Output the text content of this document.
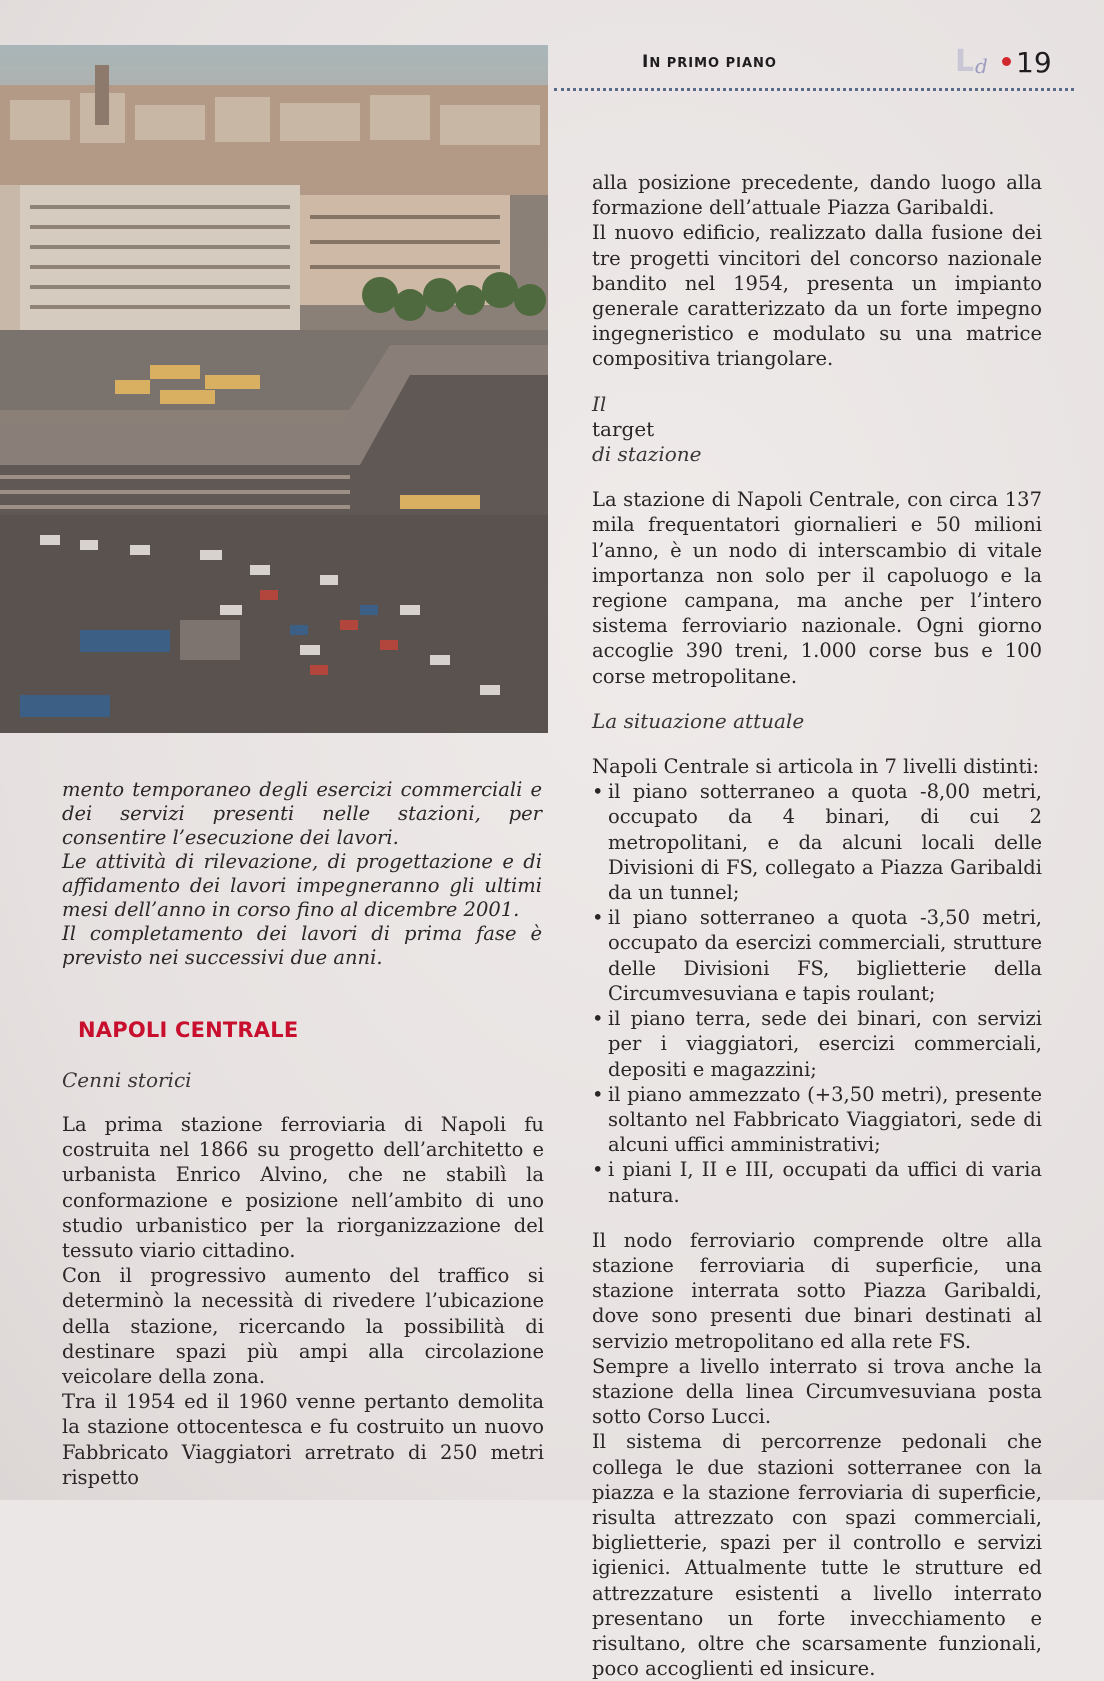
IN PRIMO PIANO	L d 19

mento temporaneo degli esercizi commerciali e dei servizi presenti nelle stazioni, per consentire l’esecuzione dei lavori.

Le attività di rilevazione, di progettazione e di affidamento dei lavori impegneranno gli ultimi mesi dell’anno in corso fino al dicembre 2001.

Il completamento dei lavori di prima fase è previsto nei successivi due anni.

NAPOLI CENTRALE
Cenni storici

La prima stazione ferroviaria di Napoli fu costruita nel 1866 su progetto dell’architetto e urbanista Enrico Alvino, che ne stabilì la conformazione e posizione nell’ambito di uno studio urbanistico per la riorganizzazione del tessuto viario cittadino.

Con il progressivo aumento del traffico si determinò la necessità di rivedere l’ubicazione della stazione, ricercando la possibilità di destinare spazi più ampi alla circolazione veicolare della zona.

Tra il 1954 ed il 1960 venne pertanto demolita la stazione ottocentesca e fu costruito un nuovo Fabbricato Viaggiatori arretrato di 250 metri rispetto

alla posizione precedente, dando luogo alla formazione dell’attuale Piazza Garibaldi.

Il nuovo edificio, realizzato dalla fusione dei tre progetti vincitori del concorso nazionale bandito nel 1954, presenta un impianto generale caratterizzato da un forte impegno ingegneristico e modulato su una matrice compositiva triangolare.

Il
target
di stazione

La stazione di Napoli Centrale, con circa 137 mila frequentatori giornalieri e 50 milioni l’anno, è un nodo di interscambio di vitale importanza non solo per il capoluogo e la regione campana, ma anche per l’intero sistema ferroviario nazionale. Ogni giorno accoglie 390 treni, 1.000 corse bus e 100 corse metropolitane.

La situazione attuale

Napoli Centrale si articola in 7 livelli distinti:

• il piano sotterraneo a quota -8,00 metri, occupato da 4 binari, di cui 2 metropolitani, e da alcuni locali delle Divisioni di FS, collegato a Piazza Garibaldi da un tunnel;
• il piano sotterraneo a quota -3,50 metri, occupato da esercizi commerciali, strutture delle Divisioni FS, biglietterie della Circumvesuviana e tapis roulant;
• il piano terra, sede dei binari, con servizi per i viaggiatori, esercizi commerciali, depositi e magazzini;
• il piano ammezzato (+3,50 metri), presente soltanto nel Fabbricato Viaggiatori, sede di alcuni uffici amministrativi;
• i piani I, II e III, occupati da uffici di varia natura.

Il nodo ferroviario comprende oltre alla stazione ferroviaria di superficie, una stazione interrata sotto Piazza Garibaldi, dove sono presenti due binari destinati al servizio metropolitano ed alla rete FS.

Sempre a livello interrato si trova anche la stazione della linea Circumvesuviana posta sotto Corso Lucci.

Il sistema di percorrenze pedonali che collega le due stazioni sotterranee con la piazza e la stazione ferroviaria di superficie, risulta attrezzato con spazi commerciali, biglietterie, spazi per il controllo e servizi igienici. Attualmente tutte le strutture ed attrezzature esistenti a livello interrato presentano un forte invecchiamento e risultano, oltre che scarsamente funzionali, poco accoglienti ed insicure.
